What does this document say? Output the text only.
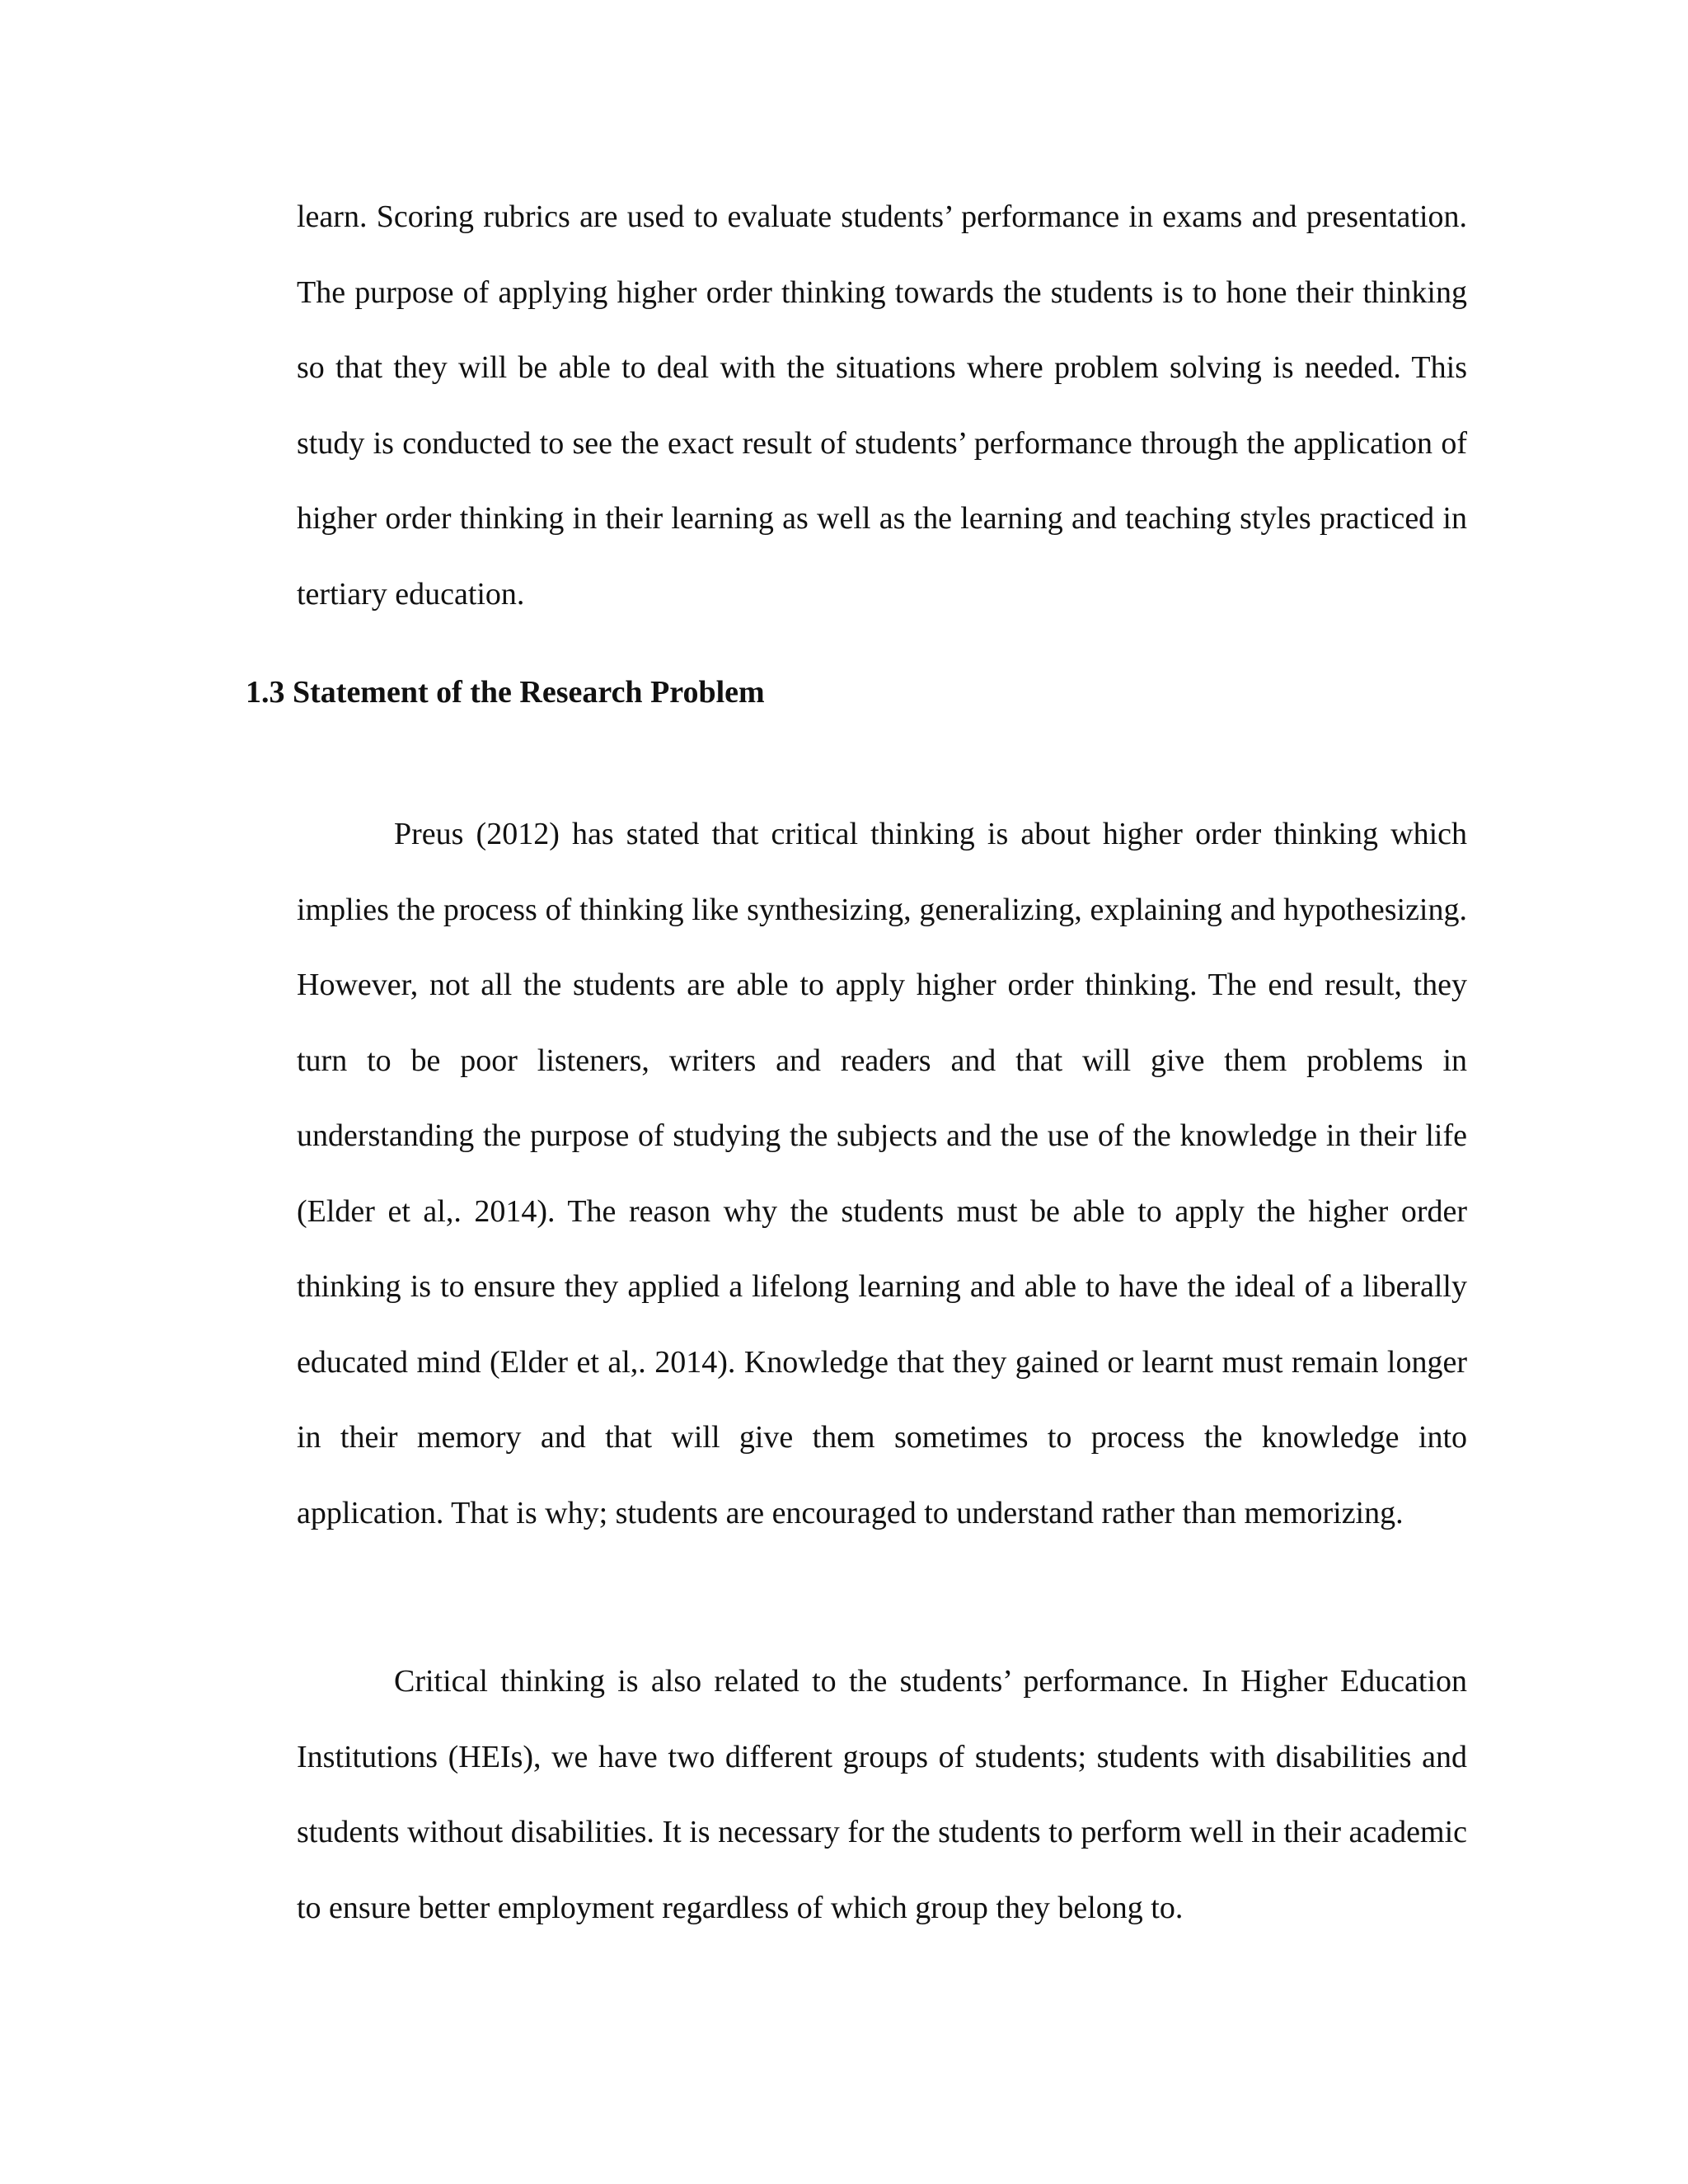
learn. Scoring rubrics are used to evaluate students’ performance in exams and presentation. The purpose of applying higher order thinking towards the students is to hone their thinking so that they will be able to deal with the situations where problem solving is needed. This study is conducted to see the exact result of students’ performance through the application of higher order thinking in their learning as well as the learning and teaching styles practiced in tertiary education.

1.3 Statement of the Research Problem

Preus (2012) has stated that critical thinking is about higher order thinking which implies the process of thinking like synthesizing, generalizing, explaining and hypothesizing. However, not all the students are able to apply higher order thinking. The end result, they turn to be poor listeners, writers and readers and that will give them problems in understanding the purpose of studying the subjects and the use of the knowledge in their life (Elder et al,. 2014). The reason why the students must be able to apply the higher order thinking is to ensure they applied a lifelong learning and able to have the ideal of a liberally educated mind (Elder et al,. 2014). Knowledge that they gained or learnt must remain longer in their memory and that will give them sometimes to process the knowledge into application. That is why; students are encouraged to understand rather than memorizing.

Critical thinking is also related to the students’ performance. In Higher Education Institutions (HEIs), we have two different groups of students; students with disabilities and students without disabilities. It is necessary for the students to perform well in their academic to ensure better employment regardless of which group they belong to.
